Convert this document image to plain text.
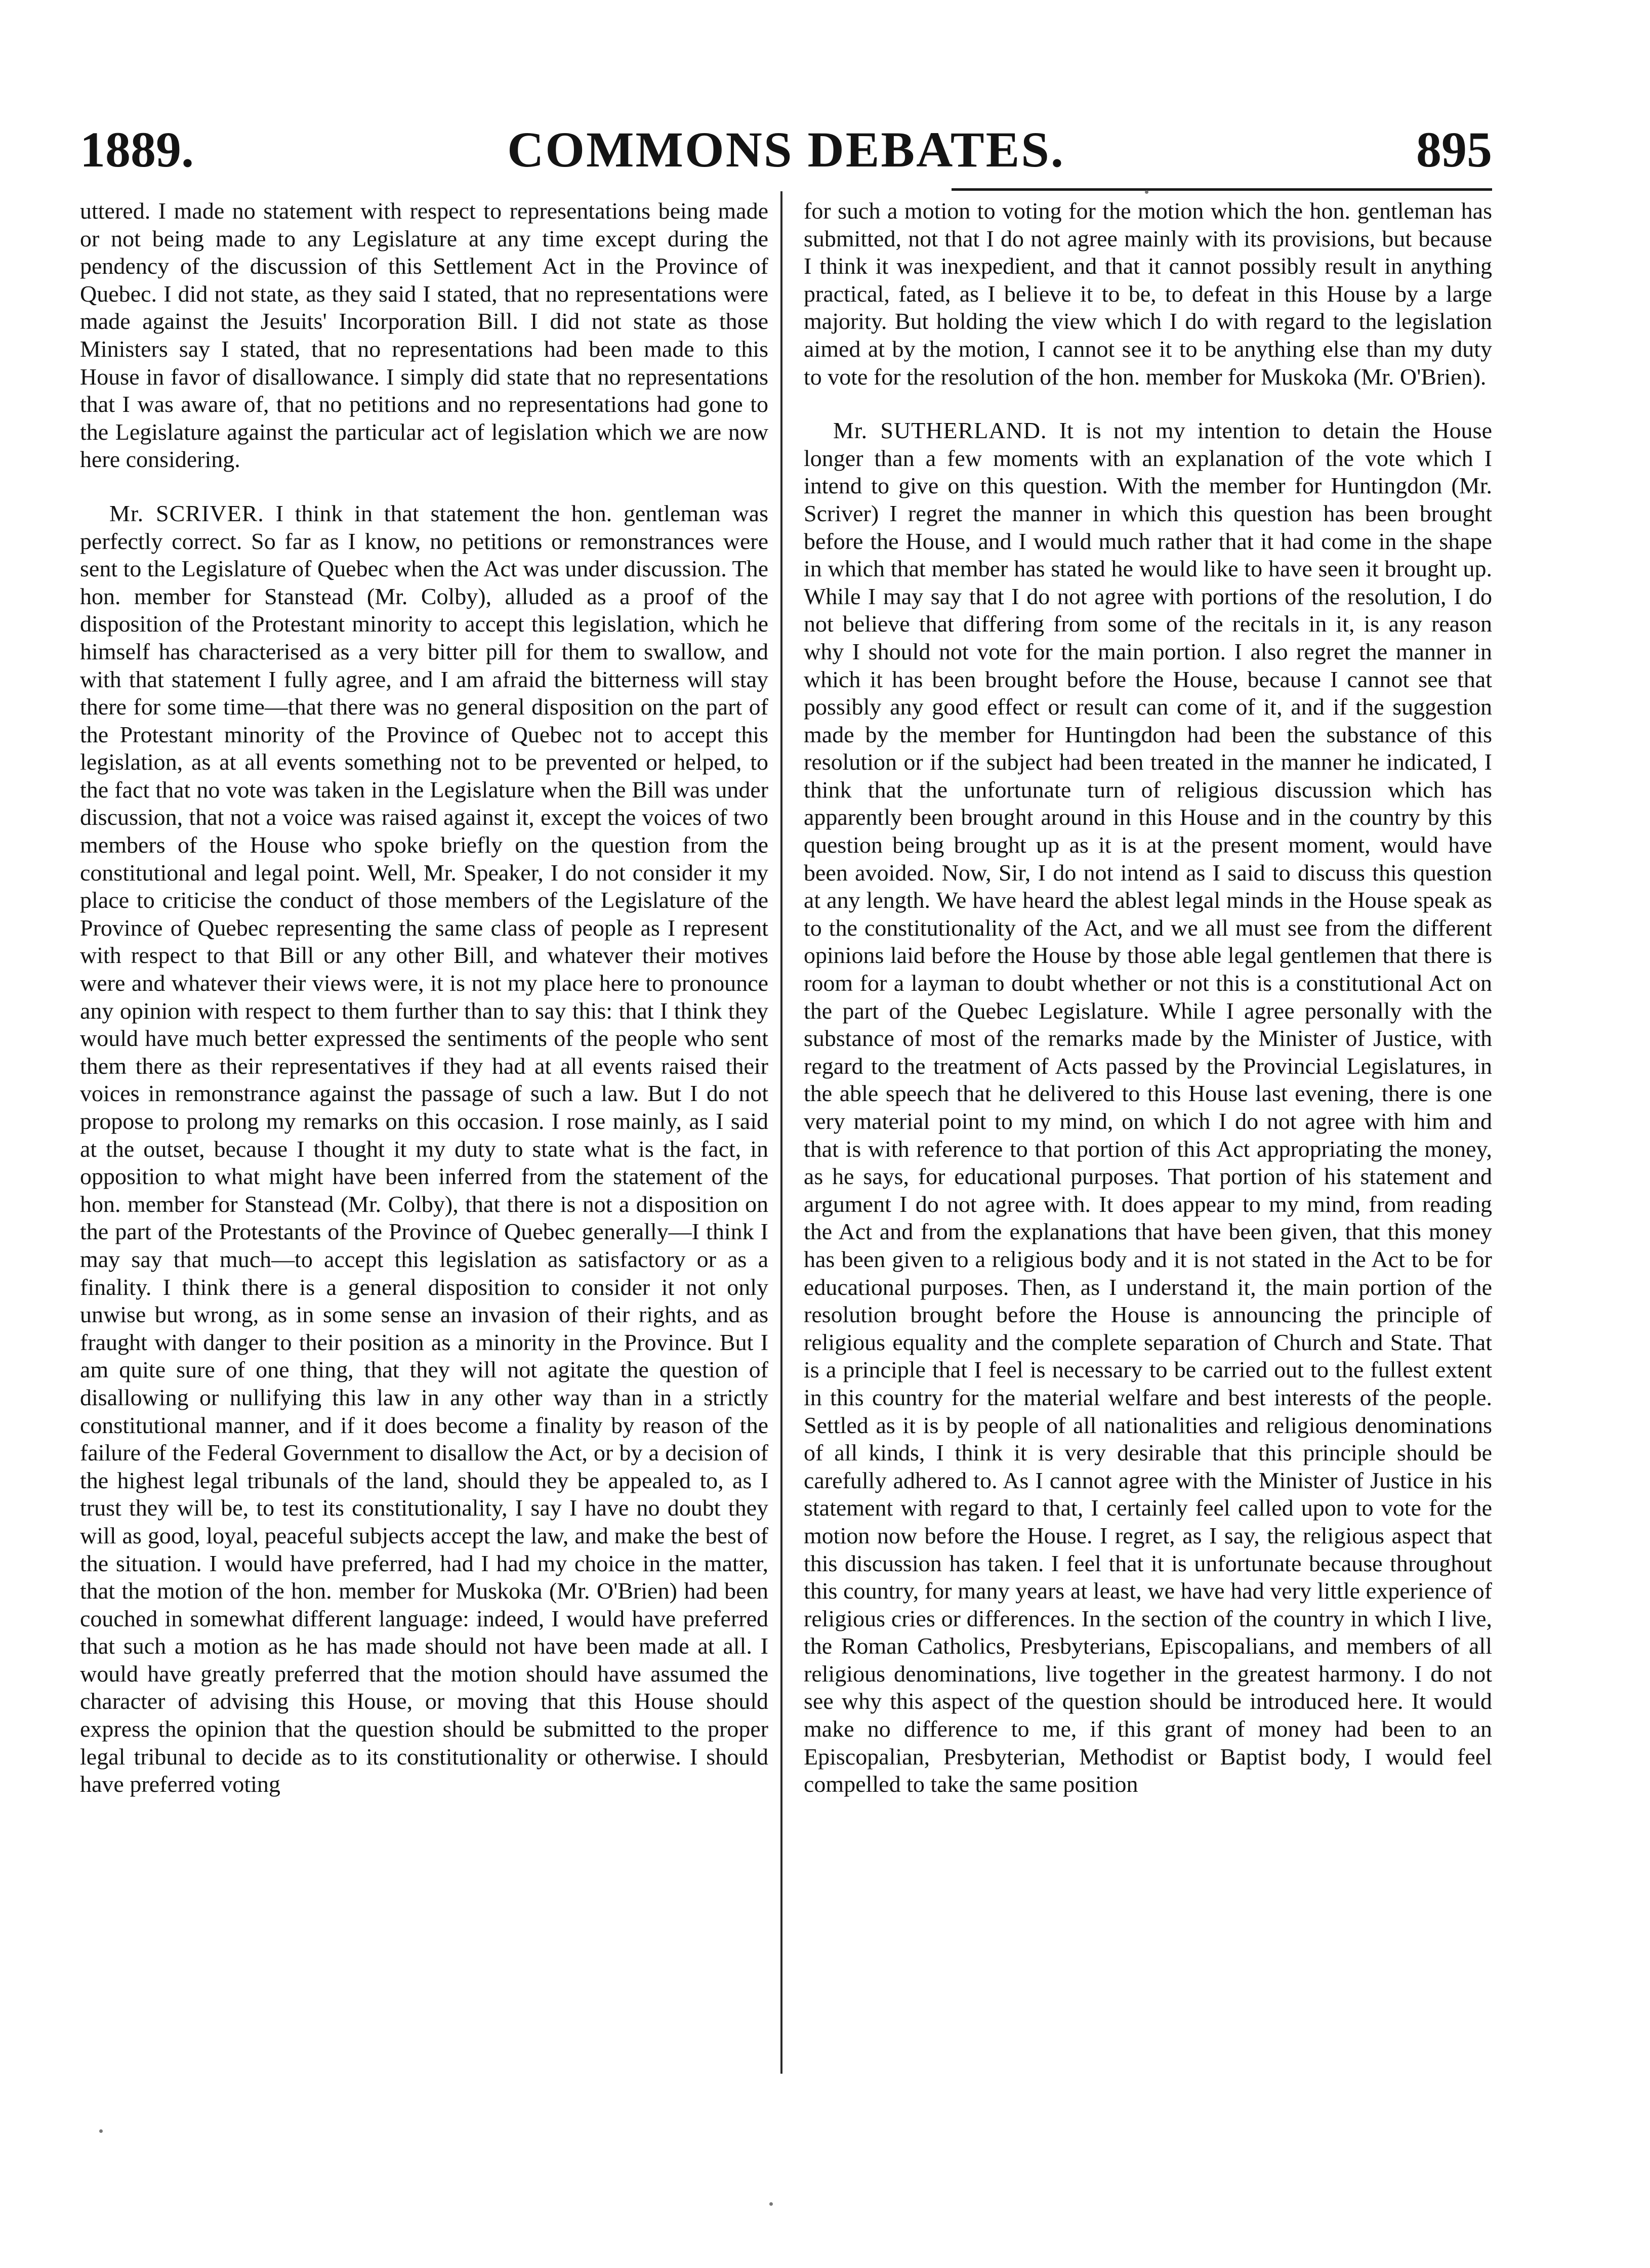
1889.	COMMONS DEBATES.	895

uttered. I made no statement with respect to representations being made or not being made to any Legislature at any time except during the pendency of the discussion of this Settlement Act in the Province of Quebec. I did not state, as they said I stated, that no representations were made against the Jesuits' Incorporation Bill. I did not state as those Ministers say I stated, that no representations had been made to this House in favor of disallowance. I simply did state that no representations that I was aware of, that no petitions and no representations had gone to the Legislature against the particular act of legislation which we are now here considering.

Mr. SCRIVER. I think in that statement the hon. gentleman was perfectly correct. So far as I know, no petitions or remonstrances were sent to the Legislature of Quebec when the Act was under discussion. The hon. member for Stanstead (Mr. Colby), alluded as a proof of the disposition of the Protestant minority to accept this legislation, which he himself has characterised as a very bitter pill for them to swallow, and with that statement I fully agree, and I am afraid the bitterness will stay there for some time—that there was no general disposition on the part of the Protestant minority of the Province of Quebec not to accept this legislation, as at all events something not to be prevented or helped, to the fact that no vote was taken in the Legislature when the Bill was under discussion, that not a voice was raised against it, except the voices of two members of the House who spoke briefly on the question from the constitutional and legal point. Well, Mr. Speaker, I do not consider it my place to criticise the conduct of those members of the Legislature of the Province of Quebec representing the same class of people as I represent with respect to that Bill or any other Bill, and whatever their motives were and whatever their views were, it is not my place here to pronounce any opinion with respect to them further than to say this: that I think they would have much better expressed the sentiments of the people who sent them there as their representatives if they had at all events raised their voices in remonstrance against the passage of such a law. But I do not propose to prolong my remarks on this occasion. I rose mainly, as I said at the outset, because I thought it my duty to state what is the fact, in opposition to what might have been inferred from the statement of the hon. member for Stanstead (Mr. Colby), that there is not a disposition on the part of the Protestants of the Province of Quebec generally—I think I may say that much—to accept this legislation as satisfactory or as a finality. I think there is a general disposition to consider it not only unwise but wrong, as in some sense an invasion of their rights, and as fraught with danger to their position as a minority in the Province. But I am quite sure of one thing, that they will not agitate the question of disallowing or nullifying this law in any other way than in a strictly constitutional manner, and if it does become a finality by reason of the failure of the Federal Government to disallow the Act, or by a decision of the highest legal tribunals of the land, should they be appealed to, as I trust they will be, to test its constitutionality, I say I have no doubt they will as good, loyal, peaceful subjects accept the law, and make the best of the situation. I would have preferred, had I had my choice in the matter, that the motion of the hon. member for Muskoka (Mr. O'Brien) had been couched in somewhat different language: indeed, I would have preferred that such a motion as he has made should not have been made at all. I would have greatly preferred that the motion should have assumed the character of advising this House, or moving that this House should express the opinion that the question should be submitted to the proper legal tribunal to decide as to its constitutionality or otherwise. I should have preferred voting

for such a motion to voting for the motion which the hon. gentleman has submitted, not that I do not agree mainly with its provisions, but because I think it was inexpedient, and that it cannot possibly result in anything practical, fated, as I believe it to be, to defeat in this House by a large majority. But holding the view which I do with regard to the legislation aimed at by the motion, I cannot see it to be anything else than my duty to vote for the resolution of the hon. member for Muskoka (Mr. O'Brien).

Mr. SUTHERLAND. It is not my intention to detain the House longer than a few moments with an explanation of the vote which I intend to give on this question. With the member for Huntingdon (Mr. Scriver) I regret the manner in which this question has been brought before the House, and I would much rather that it had come in the shape in which that member has stated he would like to have seen it brought up. While I may say that I do not agree with portions of the resolution, I do not believe that differing from some of the recitals in it, is any reason why I should not vote for the main portion. I also regret the manner in which it has been brought before the House, because I cannot see that possibly any good effect or result can come of it, and if the suggestion made by the member for Huntingdon had been the substance of this resolution or if the subject had been treated in the manner he indicated, I think that the unfortunate turn of religious discussion which has apparently been brought around in this House and in the country by this question being brought up as it is at the present moment, would have been avoided. Now, Sir, I do not intend as I said to discuss this question at any length. We have heard the ablest legal minds in the House speak as to the constitutionality of the Act, and we all must see from the different opinions laid before the House by those able legal gentlemen that there is room for a layman to doubt whether or not this is a constitutional Act on the part of the Quebec Legislature. While I agree personally with the substance of most of the remarks made by the Minister of Justice, with regard to the treatment of Acts passed by the Provincial Legislatures, in the able speech that he delivered to this House last evening, there is one very material point to my mind, on which I do not agree with him and that is with reference to that portion of this Act appropriating the money, as he says, for educational purposes. That portion of his statement and argument I do not agree with. It does appear to my mind, from reading the Act and from the explanations that have been given, that this money has been given to a religious body and it is not stated in the Act to be for educational purposes. Then, as I understand it, the main portion of the resolution brought before the House is announcing the principle of religious equality and the complete separation of Church and State. That is a principle that I feel is necessary to be carried out to the fullest extent in this country for the material welfare and best interests of the people. Settled as it is by people of all nationalities and religious denominations of all kinds, I think it is very desirable that this principle should be carefully adhered to. As I cannot agree with the Minister of Justice in his statement with regard to that, I certainly feel called upon to vote for the motion now before the House. I regret, as I say, the religious aspect that this discussion has taken. I feel that it is unfortunate because throughout this country, for many years at least, we have had very little experience of religious cries or differences. In the section of the country in which I live, the Roman Catholics, Presbyterians, Episcopalians, and members of all religious denominations, live together in the greatest harmony. I do not see why this aspect of the question should be introduced here. It would make no difference to me, if this grant of money had been to an Episcopalian, Presbyterian, Methodist or Baptist body, I would feel compelled to take the same position
